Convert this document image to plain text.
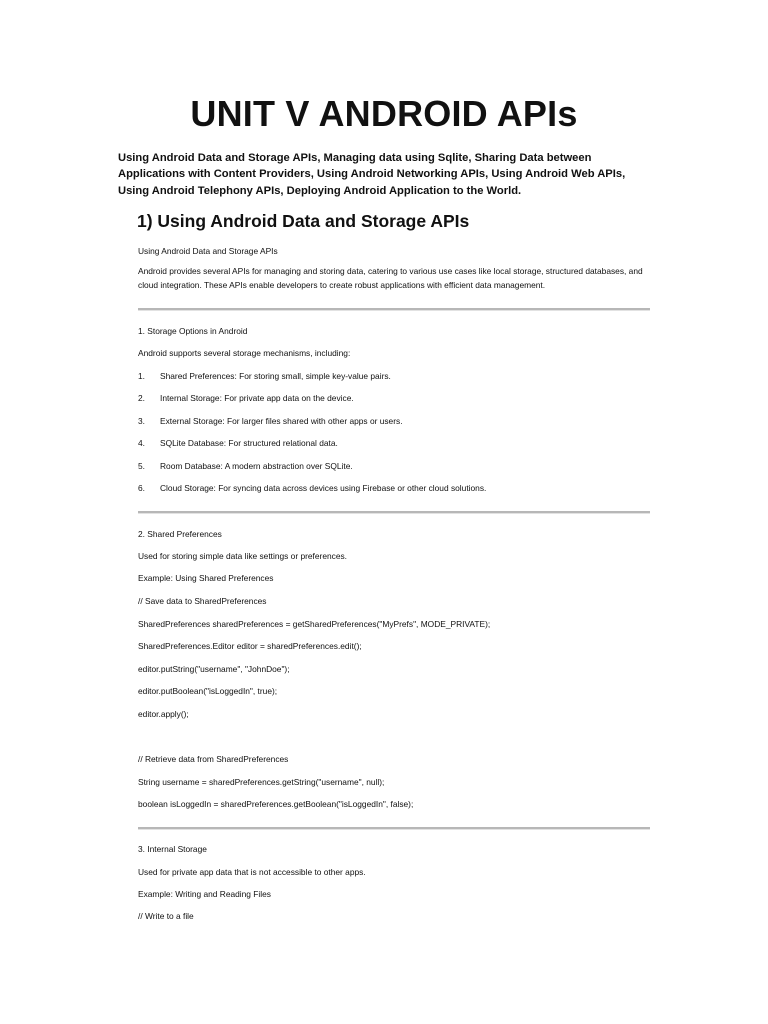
UNIT V ANDROID APIs

Using Android Data and Storage APIs, Managing data using Sqlite, Sharing Data between Applications with Content Providers, Using Android Networking APIs, Using Android Web APIs, Using Android Telephony APIs, Deploying Android Application to the World.

1) Using Android Data and Storage APIs

Using Android Data and Storage APIs

Android provides several APIs for managing and storing data, catering to various use cases like local storage, structured databases, and cloud integration. These APIs enable developers to create robust applications with efficient data management.

1. Storage Options in Android

Android supports several storage mechanisms, including:

1. Shared Preferences: For storing small, simple key-value pairs.

2. Internal Storage: For private app data on the device.

3. External Storage: For larger files shared with other apps or users.

4. SQLite Database: For structured relational data.

5. Room Database: A modern abstraction over SQLite.

6. Cloud Storage: For syncing data across devices using Firebase or other cloud solutions.

2. Shared Preferences

Used for storing simple data like settings or preferences.

Example: Using Shared Preferences

// Save data to SharedPreferences

SharedPreferences sharedPreferences = getSharedPreferences("MyPrefs", MODE_PRIVATE);

SharedPreferences.Editor editor = sharedPreferences.edit();

editor.putString("username", "JohnDoe");

editor.putBoolean("isLoggedIn", true);

editor.apply();

// Retrieve data from SharedPreferences

String username = sharedPreferences.getString("username", null);

boolean isLoggedIn = sharedPreferences.getBoolean("isLoggedIn", false);

3. Internal Storage

Used for private app data that is not accessible to other apps.

Example: Writing and Reading Files

// Write to a file
